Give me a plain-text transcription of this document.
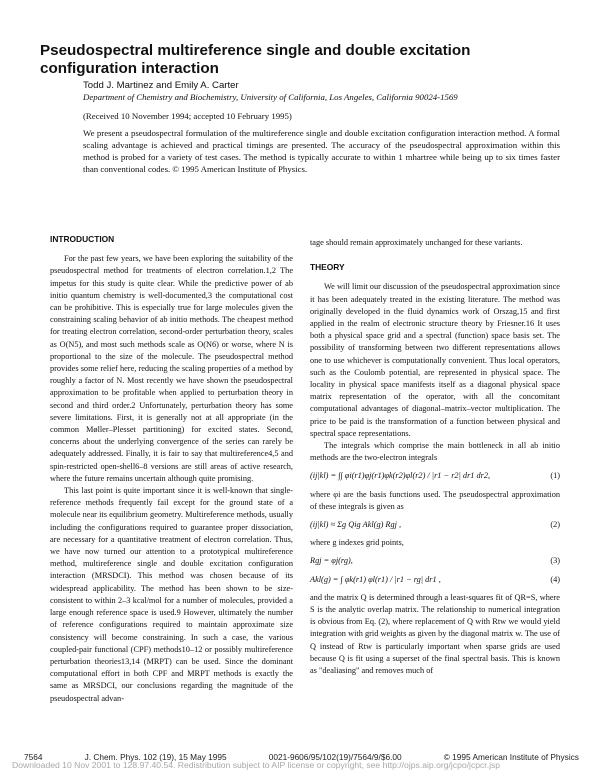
Pseudospectral multireference single and double excitation configuration interaction

Todd J. Martinez and Emily A. Carter

Department of Chemistry and Biochemistry, University of California, Los Angeles, California 90024-1569

(Received 10 November 1994; accepted 10 February 1995)

We present a pseudospectral formulation of the multireference single and double excitation configuration interaction method. A formal scaling advantage is achieved and practical timings are presented. The accuracy of the pseudospectral approximation within this method is probed for a variety of test cases. The method is typically accurate to within 1 mhartree while being up to six times faster than conventional codes. © 1995 American Institute of Physics.

INTRODUCTION

For the past few years, we have been exploring the suitability of the pseudospectral method for treatments of electron correlation.1,2 The impetus for this study is quite clear. While the predictive power of ab initio quantum chemistry is well-documented,3 the computational cost can be prohibitive. This is especially true for large molecules given the constraining scaling behavior of ab initio methods. The cheapest method for treating electron correlation, second-order perturbation theory, scales as O(N5), and most such methods scale as O(N6) or worse, where N is proportional to the size of the molecule. The pseudospectral method provides some relief here, reducing the scaling properties of a method by roughly a factor of N. Most recently we have shown the pseudospectral approximation to be profitable when applied to perturbation theory in second and third order.2 Unfortunately, perturbation theory has some severe limitations. First, it is generally not at all appropriate (in the common Møller–Plesset partitioning) for excited states. Second, concerns about the underlying convergence of the series can rarely be adequately addressed. Finally, it is fair to say that multireference4,5 and spin-restricted open-shell6–8 versions are still areas of active research, where the future remains uncertain although quite promising.

This last point is quite important since it is well-known that single-reference methods frequently fail except for the ground state of a molecule near its equilibrium geometry. Multireference methods, usually including the configurations required to guarantee proper dissociation, are necessary for a quantitative treatment of electron correlation. Thus, we have now turned our attention to a prototypical multireference method, multireference single and double excitation configuration interaction (MRSDCI). This method was chosen because of its widespread applicability. The method has been shown to be size-consistent to within 2–3 kcal/mol for a number of molecules, provided a large enough reference space is used.9 However, ultimately the number of reference configurations required to maintain approximate size consistency will become constraining. In such a case, the various coupled-pair functional (CPF) methods10–12 or possibly multireference perturbation theories13,14 (MRPT) can be used. Since the dominant computational effort in both CPF and MRPT methods is exactly the same as MRSDCI, our conclusions regarding the magnitude of the pseudospectral advan-

tage should remain approximately unchanged for these variants.

THEORY

We will limit our discussion of the pseudospectral approximation since it has been adequately treated in the existing literature. The method was originally developed in the fluid dynamics work of Orszag,15 and first applied in the realm of electronic structure theory by Friesner.16 It uses both a physical space grid and a spectral (function) space basis set. The possibility of transforming between two different representations allows one to use whichever is computationally convenient. Thus local operators, such as the Coulomb potential, are represented in physical space. The locality in physical space manifests itself as a diagonal physical space matrix representation of the operator, with all the concomitant computational advantages of diagonal–matrix–vector multiplication. The price to be paid is the transformation of a function between physical and spectral space representations.

The integrals which comprise the main bottleneck in all ab initio methods are the two-electron integrals

(ij|kl) = ∫∫ φi(r1)φj(r1)φk(r2)φl(r2) / |r1 − r2| dr1 dr2,	(1)

where φi are the basis functions used. The pseudospectral approximation of these integrals is given as

(ij|kl) ≈ Σg Qig Akl(g) Rgj ,	(2)

where g indexes grid points,

Rgj = φj(rg),	(3)
Akl(g) = ∫ φk(r1) φl(r1) / |r1 − rg| dr1 ,	(4)

and the matrix Q is determined through a least-squares fit of QR=S, where S is the analytic overlap matrix. The relationship to numerical integration is obvious from Eq. (2), where replacement of Q with Rtw we would yield integration with grid weights as given by the diagonal matrix w. The use of Q instead of Rtw is particularly important when sparse grids are used because Q is fit using a superset of the final spectral basis. This is known as "dealiasing" and removes much of

7564	J. Chem. Phys. 102 (19), 15 May 1995	0021-9606/95/102(19)/7564/9/$6.00	© 1995 American Institute of Physics
Downloaded 10 Nov 2001 to 128.97.40.54. Redistribution subject to AIP license or copyright, see http://ojps.aip.org/jcpo/jcpcr.jsp
